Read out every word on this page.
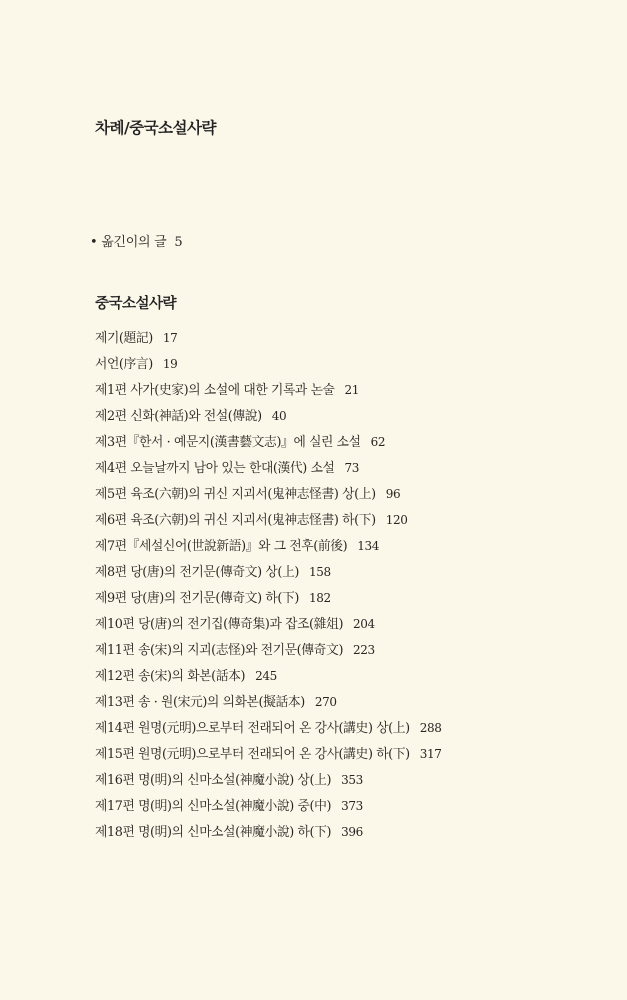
차례/중국소설사략
• 옮긴이의 글 5
중국소설사략
제기(題記) 17
서언(序言) 19
제1편 사가(史家)의 소설에 대한 기록과 논술 21
제2편 신화(神話)와 전설(傳說) 40
제3편『한서 · 예문지(漢書藝文志)』에 실린 소설 62
제4편 오늘날까지 남아 있는 한대(漢代) 소설 73
제5편 육조(六朝)의 귀신 지괴서(鬼神志怪書) 상(上) 96
제6편 육조(六朝)의 귀신 지괴서(鬼神志怪書) 하(下) 120
제7편『세설신어(世說新語)』와 그 전후(前後) 134
제8편 당(唐)의 전기문(傳奇文) 상(上) 158
제9편 당(唐)의 전기문(傳奇文) 하(下) 182
제10편 당(唐)의 전기집(傳奇集)과 잡조(雜俎) 204
제11편 송(宋)의 지괴(志怪)와 전기문(傳奇文) 223
제12편 송(宋)의 화본(話本) 245
제13편 송 · 원(宋元)의 의화본(擬話本) 270
제14편 원명(元明)으로부터 전래되어 온 강사(講史) 상(上) 288
제15편 원명(元明)으로부터 전래되어 온 강사(講史) 하(下) 317
제16편 명(明)의 신마소설(神魔小說) 상(上) 353
제17편 명(明)의 신마소설(神魔小說) 중(中) 373
제18편 명(明)의 신마소설(神魔小說) 하(下) 396
